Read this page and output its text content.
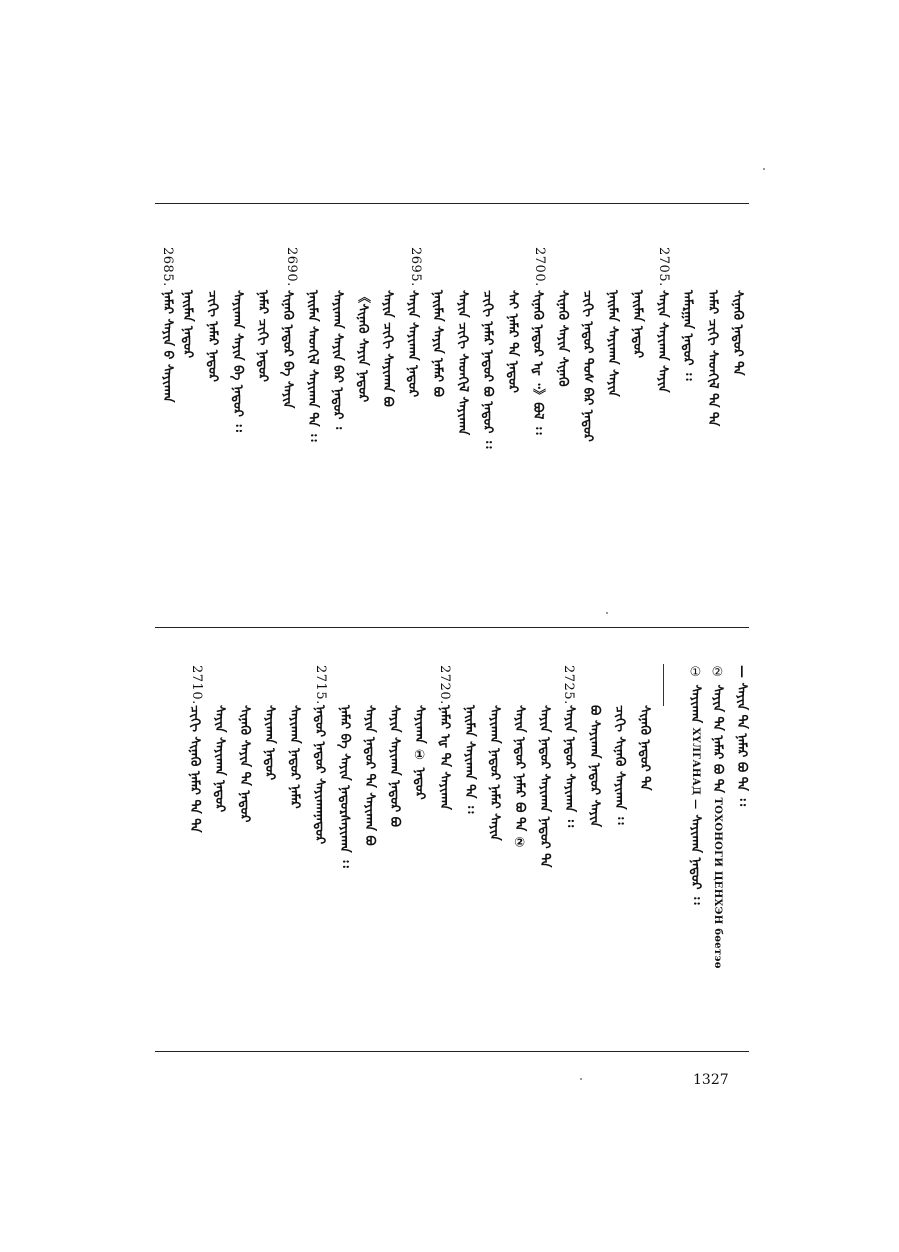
2705.
2700.
2695.
2690.
2685.
ᠰᠢᠨᠡᠬᠦ ᠨᠠᠳᠤᠷ ᠲᠡ
ᠠᠮᠠᠷ ᠴᠢᠭᠢ ᠰᠡᠳᠬᠢᠯ ᠲᠡ ᠲᠡ
ᠠᠮᠠᠷᠭᠠᠨ ᠨᠠᠳᠤᠷ ᠄᠄
ᠰᠠᠶᠢᠨ ᠰᠠᠶᠢᠬᠠᠨ ᠰᠠᠶᠢᠨ
ᠨᠠᠢᠮᠠᠨ ᠨᠠᠳᠤᠷ
ᠨᠠᠢᠮᠠᠨ ᠰᠠᠶᠢᠬᠠᠨ ᠰᠠᠶᠢᠨ
ᠴᠢᠭᠢ ᠨᠠᠳᠤᠷ ᠲᠤᠰ ᠪᠡᠷ ᠨᠠᠳᠤᠷ
ᠰᠢᠨᠡᠬᠦ ᠰᠠᠶᠢᠨ ᠰᠢᠨᠡᠬᠦ
ᠰᠢᠨᠡᠬᠦ ᠨᠠᠳᠤᠷ ᠾ ᠃》ᠪᠣᠯ ᠄᠄
ᠰᠠᠶ ᠨᠠᠮᠠᠷ ᠲᠡ ᠨᠠᠳᠤᠷ
ᠴᠢᠭᠢ ᠨᠠᠮᠠᠷ ᠨᠠᠳᠤᠷ ᠪᠣ ᠨᠠᠳᠤᠷ ᠄᠄
ᠰᠠᠶᠢᠨ ᠴᠢᠭᠢ ᠰᠡᠳᠬᠢᠯ ᠰᠠᠶᠢᠬᠠᠨ
ᠨᠠᠢᠮᠠᠨ ᠰᠠᠶᠢᠨ ᠨᠠᠮᠠᠷ ᠪᠣ
ᠰᠠᠶᠢᠨ ᠰᠠᠶᠢᠬᠠᠨ ᠨᠠᠳᠤᠷ
ᠰᠠᠶᠢᠨ ᠴᠢᠭᠢ ᠰᠠᠶᠢᠬᠠᠨ ᠪᠣ
《ᠰᠢᠨᠡᠬᠦ ᠰᠠᠶᠢᠨ ᠨᠠᠳᠤᠷ
ᠰᠠᠶᠢᠬᠠᠨ ᠰᠠᠶᠢᠨ ᠪᠡᠷ ᠨᠠᠳᠤᠷ ᠄
ᠨᠠᠢᠮᠠᠨ ᠰᠡᠳᠬᠢᠯ ᠰᠠᠶᠢᠬᠠᠨ ᠲᠡ ᠄᠄
ᠰᠢᠨᠡᠬᠦ ᠨᠠᠳᠤᠷ ᠪᠠ ᠰᠠᠶᠢᠨ
ᠨᠠᠮᠠᠷ ᠴᠢᠭᠢ ᠨᠠᠳᠤᠷ
ᠰᠠᠶᠢᠬᠠᠨ ᠰᠠᠶᠢᠨ ᠪᠠ ᠨᠠᠳᠤᠷ ᠄᠄
ᠴᠢᠭᠢ ᠨᠠᠮᠠᠷ ᠨᠠᠳᠤᠷ
ᠨᠠᠢᠮᠠᠨ ᠨᠠᠳᠤᠷ
ᠨᠠᠮᠠᠷ ᠰᠠᠶᠢᠨ ᠪ ᠰᠠᠶᠢᠬᠠᠨ
— ᠰᠠᠶᠢᠨ ᠲᠡ ᠨᠠᠮᠠᠷ ᠪᠣ ᠲᠡ ᠄᠄
② ᠰᠠᠶᠢᠨ ᠲᠡ ᠨᠠᠮᠠᠷ ᠪᠣ ᠲᠡ ТОХОНОГИ ЦЕНХЭН бөетэө
① ᠰᠠᠶᠢᠬᠠᠨ ХҮЛГАНАД — ᠰᠠᠶᠢᠬᠠᠨ ᠨᠠᠳᠤᠷ ᠄᠄
2725.
2720.
2715.
2710.
ᠰᠢᠨᠡᠬᠦ ᠨᠠᠳᠤᠷ ᠲᠡ
ᠴᠢᠭᠢ ᠰᠢᠨᠡᠬᠦ ᠰᠠᠶᠢᠬᠠᠨ ᠄᠄
ᠪᠣ ᠰᠠᠶᠢᠬᠠᠨ ᠨᠠᠳᠤᠷ ᠰᠠᠶᠢᠨ
ᠰᠠᠶᠢᠨ ᠨᠠᠳᠤᠷ ᠰᠠᠶᠢᠬᠠᠨ ᠄᠄
ᠰᠠᠶᠢᠨ ᠨᠠᠳᠤᠷ ᠰᠠᠶᠢᠬᠠᠨ ᠨᠠᠳᠤᠷ ᠲᠡ
ᠰᠠᠶᠢᠨ ᠨᠠᠳᠤᠷ ᠨᠠᠮᠠᠷ ᠪᠣ ᠲᠡ ②
ᠰᠠᠶᠢᠬᠠᠨ ᠨᠠᠳᠤᠷ ᠨᠠᠮᠠᠷ ᠰᠠᠶᠢᠨ
ᠨᠠᠢᠮᠠᠨ ᠰᠠᠶᠢᠬᠠᠨ ᠲᠡ ᠄᠄
ᠨᠠᠮᠠᠷ ᠾ ᠲᠡ ᠰᠠᠶᠢᠬᠠᠨ
ᠰᠠᠶᠢᠬᠠᠨ ① ᠨᠠᠳᠤᠷ
ᠰᠠᠶᠢᠨ ᠰᠠᠶᠢᠬᠠᠨ ᠨᠠᠳᠤᠷ ᠪᠣ
ᠰᠠᠶᠢᠨ ᠨᠠᠳᠤᠷ ᠲᠡ ᠰᠠᠶᠢᠬᠠᠨ ᠪᠣ
ᠨᠠᠮᠠᠷ ᠪᠠ ᠰᠠᠶᠢᠨ ᠨᠠᠳᠤᠷᠰᠠᠶᠢᠬᠠᠨ ᠄᠄
ᠨᠠᠳᠤᠷ ᠨᠠᠳᠤᠷ ᠰᠠᠶᠢᠬᠠᠨᠨᠠᠳᠤᠷ
ᠰᠠᠶᠢᠬᠠᠨ ᠨᠠᠳᠤᠷ ᠨᠠᠮᠠᠷ
ᠰᠠᠶᠢᠬᠠᠨ ᠨᠠᠳᠤᠷ
ᠰᠢᠨᠡᠬᠦ ᠰᠠᠶᠢᠨ ᠲᠡ ᠨᠠᠳᠤᠷ
ᠰᠠᠶᠢᠨ ᠰᠠᠶᠢᠬᠠᠨ ᠨᠠᠳᠤᠷ
ᠴᠢᠭᠢ ᠰᠢᠨᠡᠬᠦ ᠨᠠᠮᠠᠷ ᠲᠡ ᠲᠡ
1327
